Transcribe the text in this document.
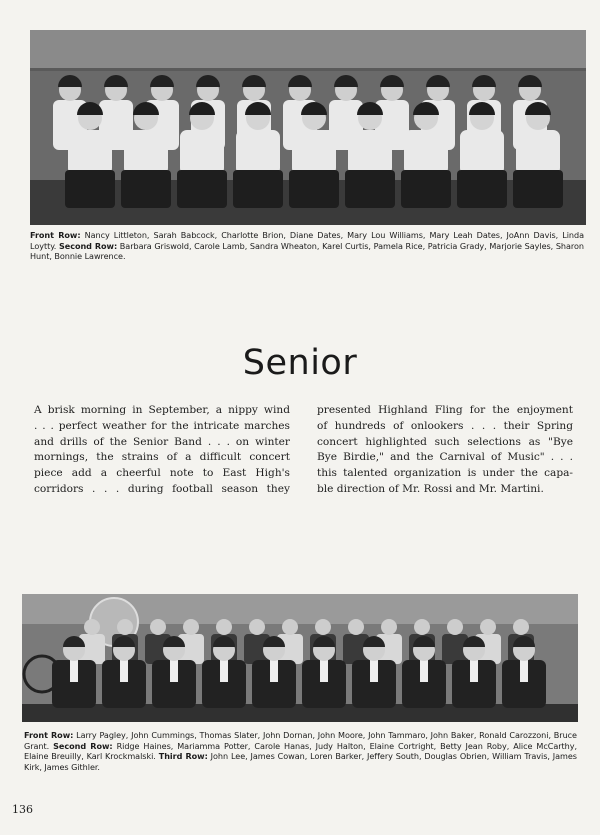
Front Row: Nancy Littleton, Sarah Babcock, Charlotte Brion, Diane Dates, Mary Lou Williams, Mary Leah Dates, JoAnn Davis, Linda Loytty. Second Row: Barbara Griswold, Carole Lamb, Sandra Wheaton, Karel Curtis, Pamela Rice, Patricia Grady, Marjorie Sayles, Sharon Hunt, Bonnie Lawrence.
Senior
A brisk morning in September, a nippy wind
. . . perfect weather for the intricate marches
and drills of the Senior Band . . . on winter
mornings, the strains of a difficult concert
piece add a cheerful note to East High's
corridors . . . during football season they
presented Highland Fling for the enjoyment
of hundreds of onlookers . . . their Spring
concert highlighted such selections as "Bye
Bye Birdie," and the Carnival of Music" . . .
this talented organization is under the capa-
ble direction of Mr. Rossi and Mr. Martini.
Front Row: Larry Pagley, John Cummings, Thomas Slater, John Dornan, John Moore, John Tammaro, John Baker, Ronald Carozzoni, Bruce Grant. Second Row: Ridge Haines, Mariamma Potter, Carole Hanas, Judy Halton, Elaine Cortright, Betty Jean Roby, Alice McCarthy, Elaine Breuilly, Karl Krockmalski. Third Row: John Lee, James Cowan, Loren Barker, Jeffery South, Douglas Obrien, William Travis, James Kirk, James Githler.
136
